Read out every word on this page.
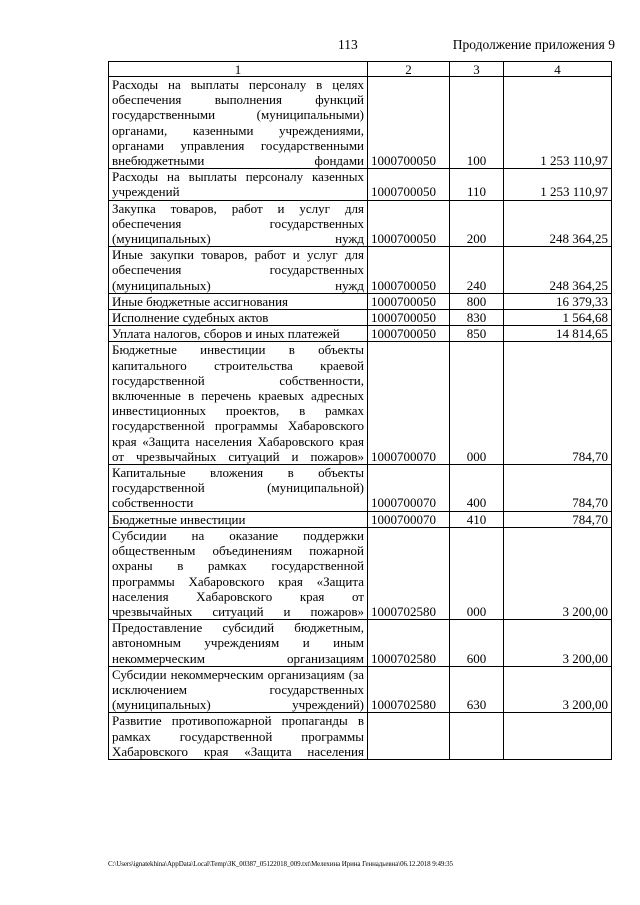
113	Продолжение приложения 9
1	2	3	4
Расходы на выплаты персоналу в целях обеспечения выполнения функций государственными (муниципальными) органами, казенными учреждениями, органами управления государственными внебюджетными фондами	1000700050	100	1 253 110,97
Расходы на выплаты персоналу казенных учреждений	1000700050	110	1 253 110,97
Закупка товаров, работ и услуг для обеспечения государственных (муниципальных) нужд	1000700050	200	248 364,25
Иные закупки товаров, работ и услуг для обеспечения государственных (муниципальных) нужд	1000700050	240	248 364,25
Иные бюджетные ассигнования	1000700050	800	16 379,33
Исполнение судебных актов	1000700050	830	1 564,68
Уплата налогов, сборов и иных платежей	1000700050	850	14 814,65
Бюджетные инвестиции в объекты капитального строительства краевой государственной собственности, включенные в перечень краевых адресных инвестиционных проектов, в рамках государственной программы Хабаровского края «Защита населения Хабаровского края от чрезвычайных ситуаций и пожаров»	1000700070	000	784,70
Капитальные вложения в объекты государственной (муниципальной) собственности	1000700070	400	784,70
Бюджетные инвестиции	1000700070	410	784,70
Субсидии на оказание поддержки общественным объединениям пожарной охраны в рамках государственной программы Хабаровского края «Защита населения Хабаровского края от чрезвычайных ситуаций и пожаров»	1000702580	000	3 200,00
Предоставление субсидий бюджетным, автономным учреждениям и иным некоммерческим организациям	1000702580	600	3 200,00
Субсидии некоммерческим организациям (за исключением государственных (муниципальных) учреждений)	1000702580	630	3 200,00
Развитие противопожарной пропаганды в рамках государственной программы Хабаровского края «Защита населения			
C:\Users\ignatekhina\AppData\Local\Temp\ЗК_00387_05122018_009.txt\Мелехина Ирина Геннадьевна\06.12.2018 9:49:35
